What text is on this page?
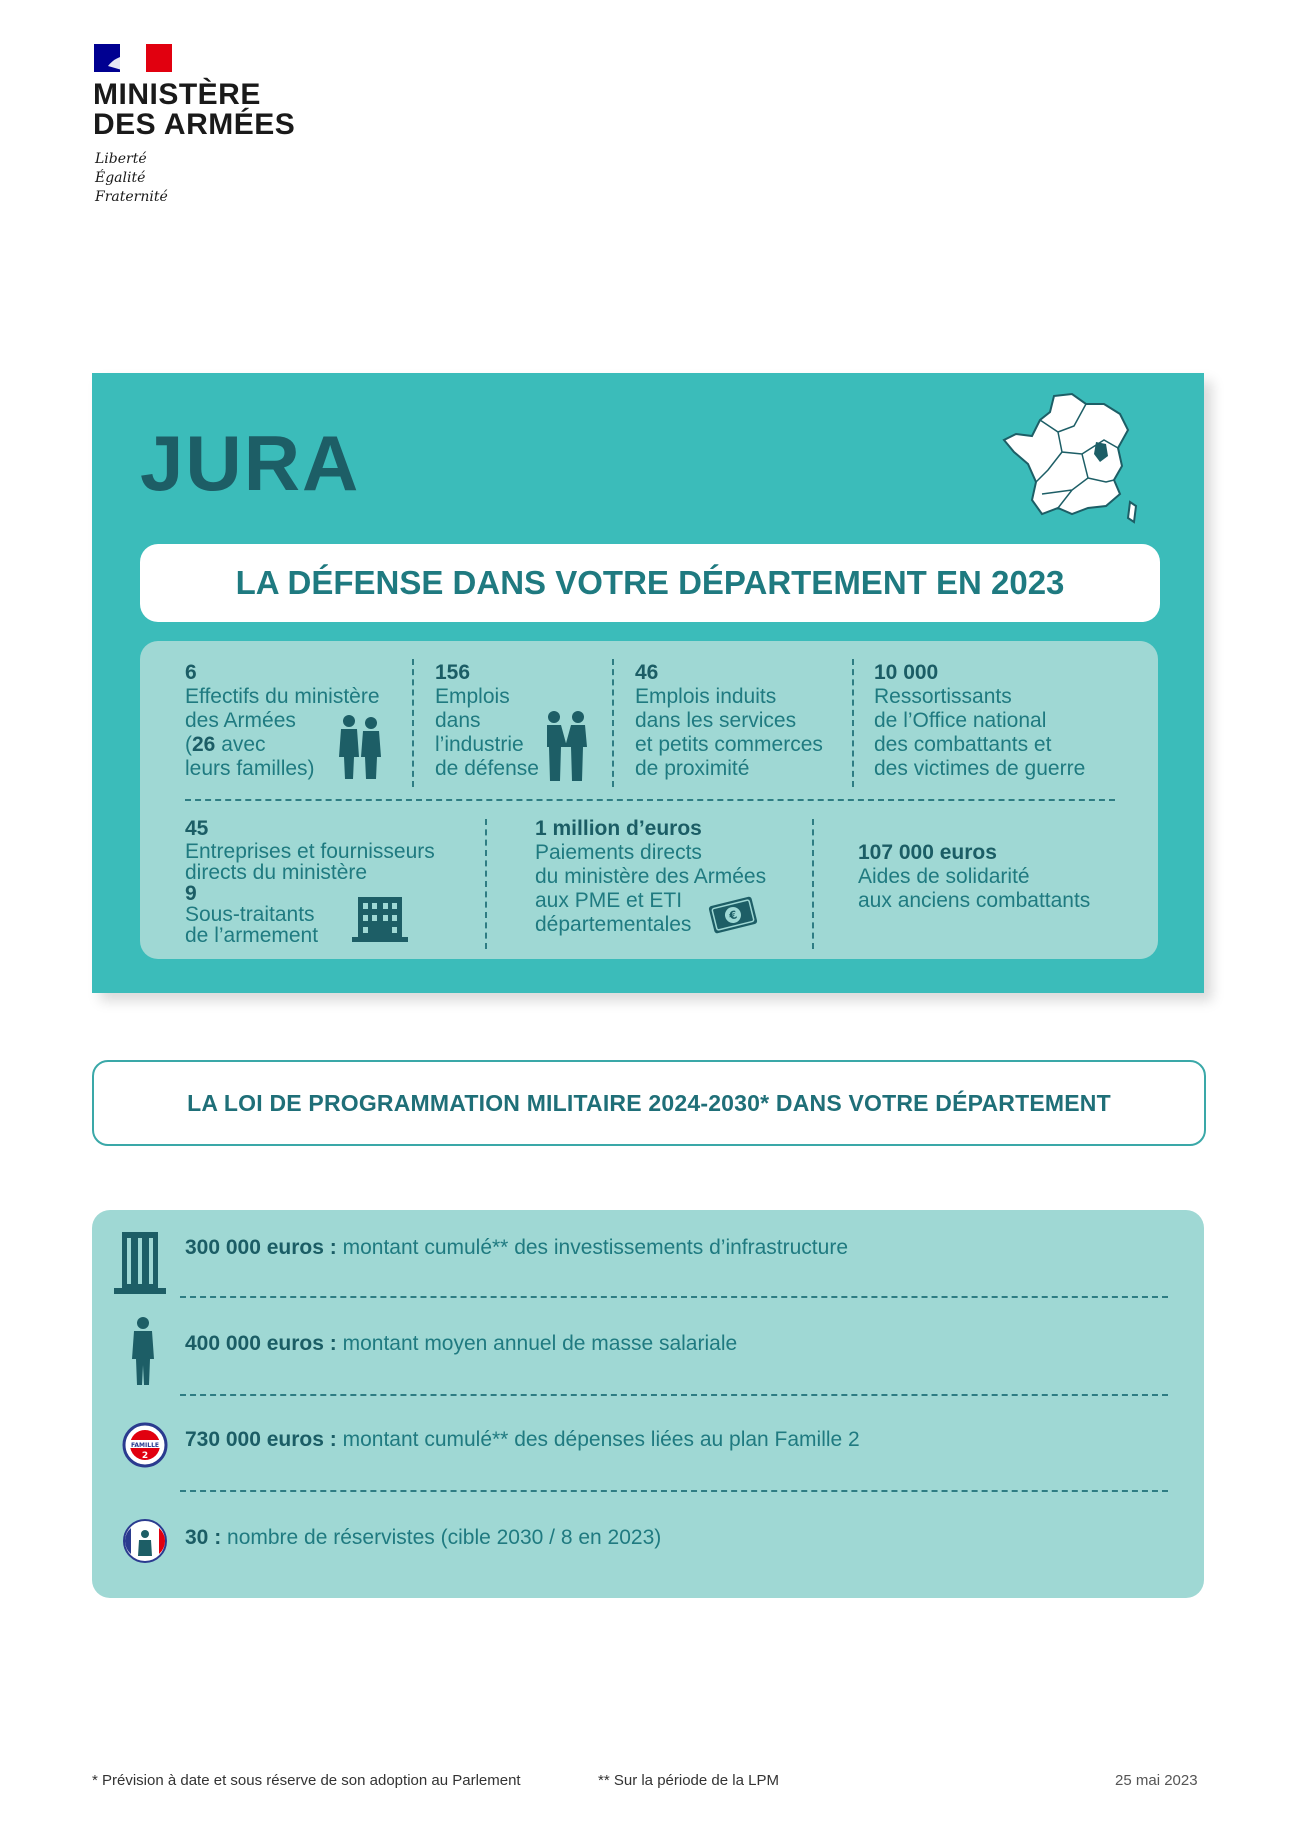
MINISTÈRE
DES ARMÉES
Liberté
Égalité
Fraternité
JURA
LA DÉFENSE DANS VOTRE DÉPARTEMENT EN 2023
6
Effectifs du ministère
des Armées
(26 avec
leurs familles)
156
Emplois
dans
l’industrie
de défense
46
Emplois induits
dans les services
et petits commerces
de proximité
10 000
Ressortissants
de l’Office national
des combattants et
des victimes de guerre
45
Entreprises et fournisseurs
directs du ministère
9
Sous-traitants
de l’armement
1 million d’euros
Paiements directs
du ministère des Armées
aux PME et ETI
départementales	€
107 000 euros
Aides de solidarité
aux anciens combattants
LA LOI DE PROGRAMMATION MILITAIRE 2024-2030* DANS VOTRE DÉPARTEMENT
300 000 euros : montant cumulé** des investissements d’infrastructure
400 000 euros : montant moyen annuel de masse salariale
FAMILLE
2
730 000 euros : montant cumulé** des dépenses liées au plan Famille 2
30 : nombre de réservistes (cible 2030 / 8 en 2023)
* Prévision à date et sous réserve de son adoption au Parlement	** Sur la période de la LPM	25 mai 2023
